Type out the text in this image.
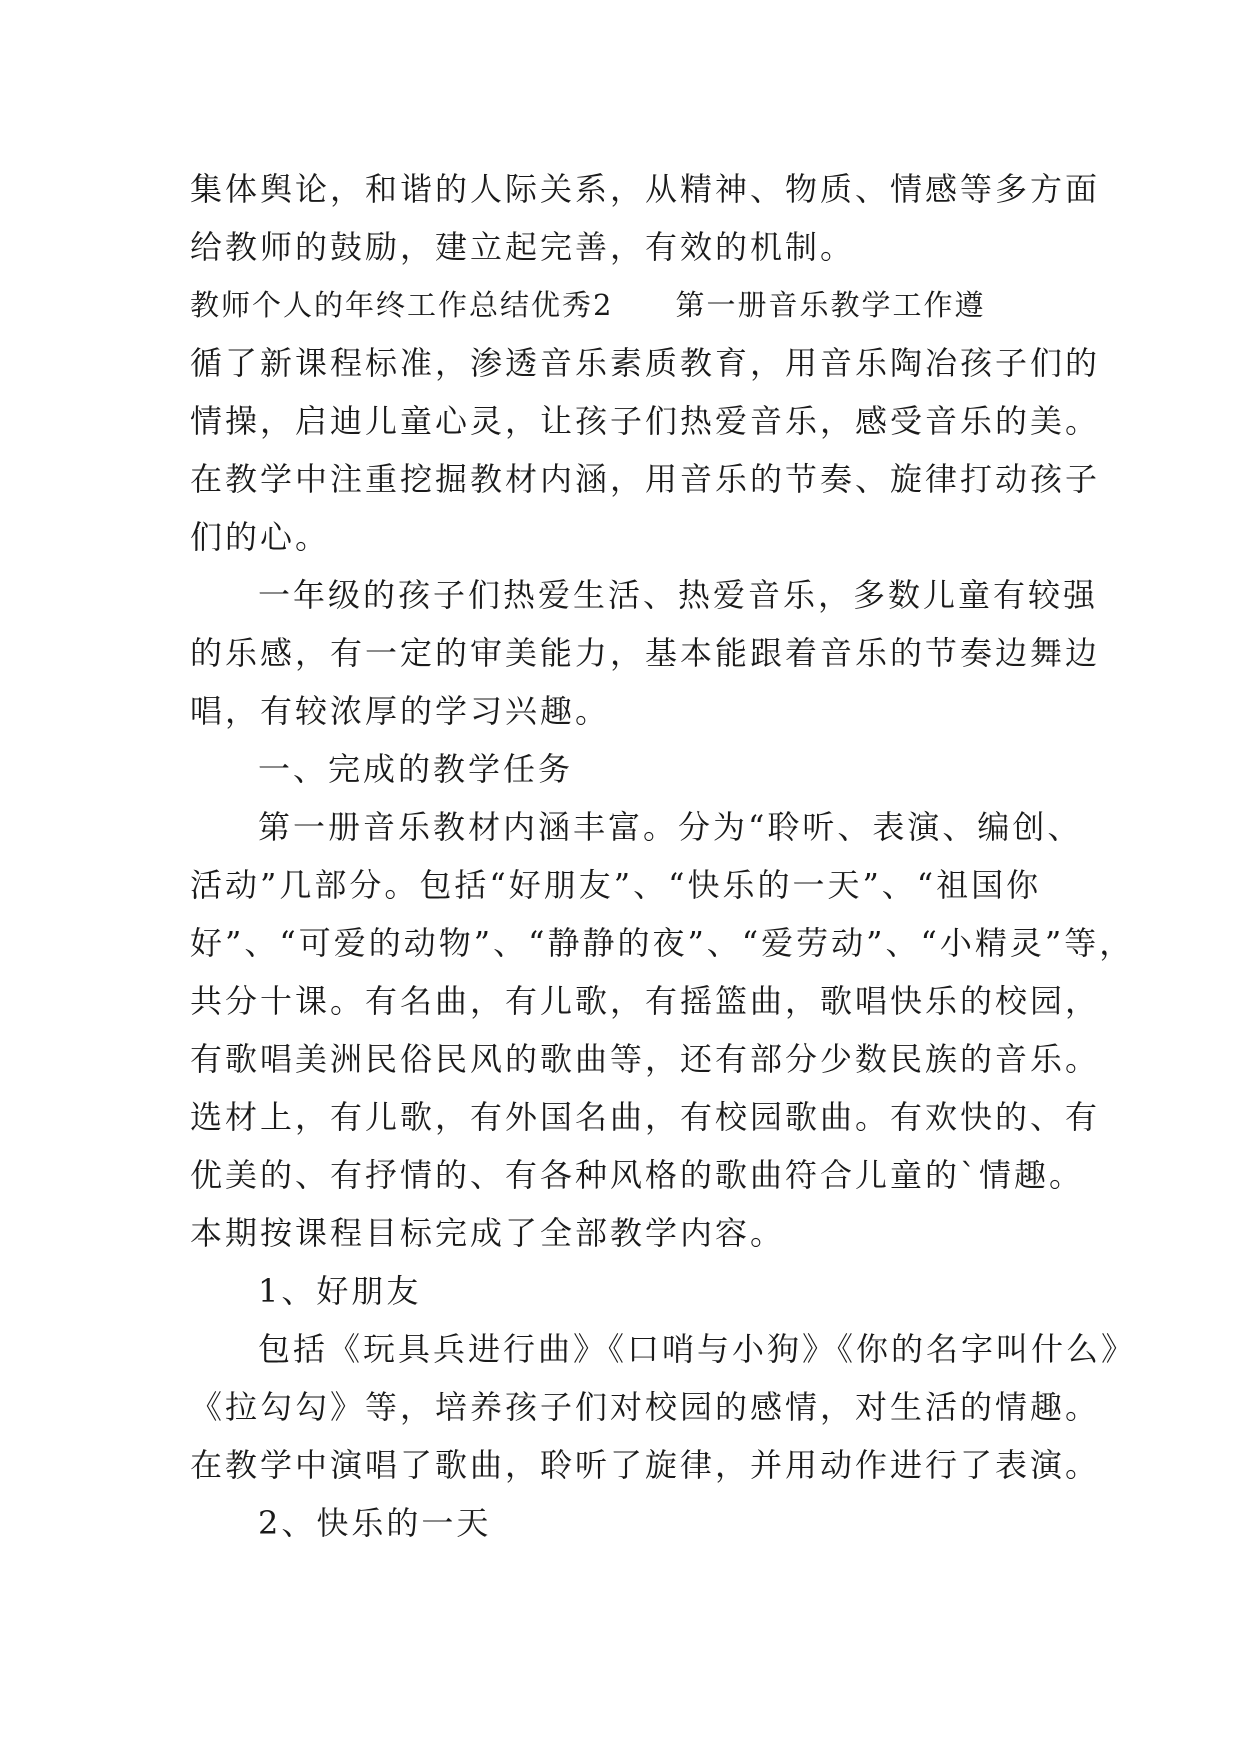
集体舆论，和谐的人际关系，从精神、物质、情感等多方面
给教师的鼓励，建立起完善，有效的机制。
教师个人的年终工作总结优秀2　　第一册音乐教学工作遵
循了新课程标准，渗透音乐素质教育，用音乐陶冶孩子们的
情操，启迪儿童心灵，让孩子们热爱音乐，感受音乐的美。
在教学中注重挖掘教材内涵，用音乐的节奏、旋律打动孩子
们的心。
一年级的孩子们热爱生活、热爱音乐，多数儿童有较强
的乐感，有一定的审美能力，基本能跟着音乐的节奏边舞边
唱，有较浓厚的学习兴趣。
一、完成的教学任务
第一册音乐教材内涵丰富。分为“聆听、表演、编创、
活动”几部分。包括“好朋友”、“快乐的一天”、“祖国你
好”、“可爱的动物”、“静静的夜”、“爱劳动”、“小精灵”等，
共分十课。有名曲，有儿歌，有摇篮曲，歌唱快乐的校园，
有歌唱美洲民俗民风的歌曲等，还有部分少数民族的音乐。
选材上，有儿歌，有外国名曲，有校园歌曲。有欢快的、有
优美的、有抒情的、有各种风格的歌曲符合儿童的`情趣。
本期按课程目标完成了全部教学内容。
1、好朋友
包括《玩具兵进行曲》《口哨与小狗》《你的名字叫什么》
《拉勾勾》等，培养孩子们对校园的感情，对生活的情趣。
在教学中演唱了歌曲，聆听了旋律，并用动作进行了表演。
2、快乐的一天
